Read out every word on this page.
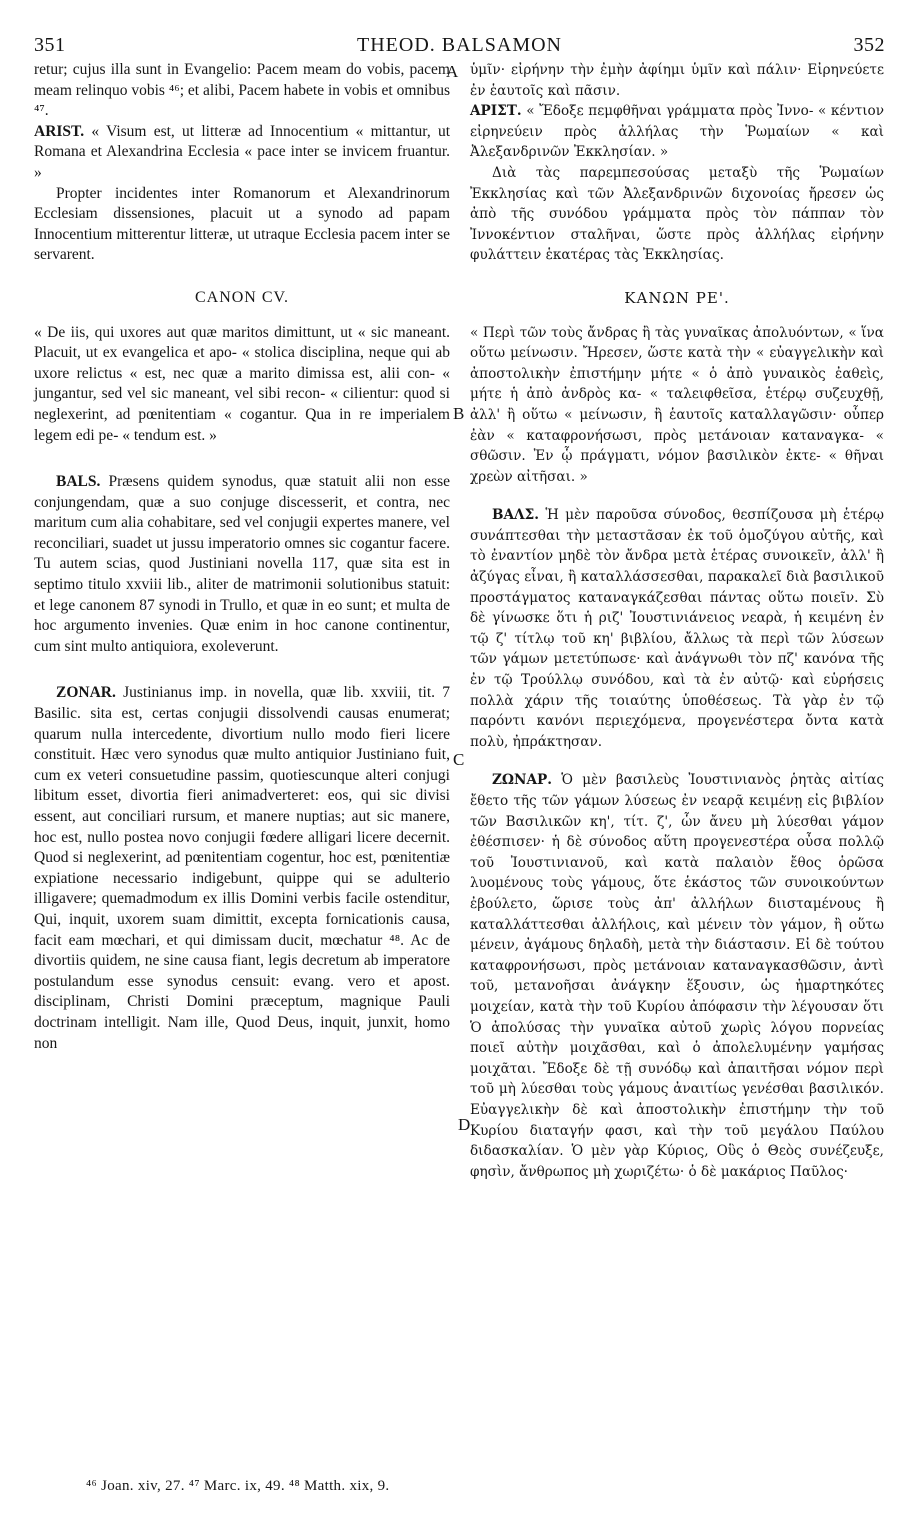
351	THEOD. BALSAMON	352
A
B
C
D

retur; cujus illa sunt in Evangelio: Pacem meam do vobis, pacem meam relinquo vobis ⁴⁶; et alibi, Pacem habete in vobis et omnibus ⁴⁷.

ARIST. « Visum est, ut litteræ ad Innocentium « mittantur, ut Romana et Alexandrina Ecclesia « pace inter se invicem fruantur. »

Propter incidentes inter Romanorum et Alexandrinorum Ecclesiam dissensiones, placuit ut a synodo ad papam Innocentium mitterentur litteræ, ut utraque Ecclesia pacem inter se servarent.

CANON CV.

« De iis, qui uxores aut quæ maritos dimittunt, ut « sic maneant. Placuit, ut ex evangelica et apo- « stolica disciplina, neque qui ab uxore relictus « est, nec quæ a marito dimissa est, alii con- « jungantur, sed vel sic maneant, vel sibi recon- « cilientur: quod si neglexerint, ad pœnitentiam « cogantur. Qua in re imperialem legem edi pe- « tendum est. »

BALS. Præsens quidem synodus, quæ statuit alii non esse conjungendam, quæ a suo conjuge discesserit, et contra, nec maritum cum alia cohabitare, sed vel conjugii expertes manere, vel reconciliari, suadet ut jussu imperatorio omnes sic cogantur facere. Tu autem scias, quod Justiniani novella 117, quæ sita est in septimo titulo xxviii lib., aliter de matrimonii solutionibus statuit: et lege canonem 87 synodi in Trullo, et quæ in eo sunt; et multa de hoc argumento invenies. Quæ enim in hoc canone continentur, cum sint multo antiquiora, exoleverunt.

ZONAR. Justinianus imp. in novella, quæ lib. xxviii, tit. 7 Basilic. sita est, certas conjugii dissolvendi causas enumerat; quarum nulla intercedente, divortium nullo modo fieri licere constituit. Hæc vero synodus quæ multo antiquior Justiniano fuit, cum ex veteri consuetudine passim, quotiescunque alteri conjugi libitum esset, divortia fieri animadverteret: eos, qui sic divisi essent, aut conciliari rursum, et manere nuptias; aut sic manere, hoc est, nullo postea novo conjugii fœdere alligari licere decernit. Quod si neglexerint, ad pœnitentiam cogentur, hoc est, pœnitentiæ expiatione necessario indigebunt, quippe qui se adulterio illigavere; quemadmodum ex illis Domini verbis facile ostenditur, Qui, inquit, uxorem suam dimittit, excepta fornicationis causa, facit eam mœchari, et qui dimissam ducit, mœchatur ⁴⁸. Ac de divortiis quidem, ne sine causa fiant, legis decretum ab imperatore postulandum esse synodus censuit: evang. vero et apost. disciplinam, Christi Domini præceptum, magnique Pauli doctrinam intelligit. Nam ille, Quod Deus, inquit, junxit, homo non

ὑμῖν· εἰρήνην τὴν ἐμὴν ἀφίημι ὑμῖν καὶ πάλιν· Εἰρηνεύετε ἐν ἑαυτοῖς καὶ πᾶσιν.

ΑΡΙΣΤ. « Ἔδοξε πεμφθῆναι γράμματα πρὸς Ἰννο- « κέντιον εἰρηνεύειν πρὸς ἀλλήλας τὴν Ῥωμαίων « καὶ Ἀλεξανδρινῶν Ἐκκλησίαν. »

Διὰ τὰς παρεμπεσούσας μεταξὺ τῆς Ῥωμαίων Ἐκκλησίας καὶ τῶν Ἀλεξανδρινῶν διχονοίας ἤρεσεν ὡς ἀπὸ τῆς συνόδου γράμματα πρὸς τὸν πάππαν τὸν Ἰννοκέντιον σταλῆναι, ὥστε πρὸς ἀλλήλας εἰρήνην φυλάττειν ἑκατέρας τὰς Ἐκκλησίας.

ΚΑΝΩΝ ΡΕ'.

« Περὶ τῶν τοὺς ἄνδρας ἢ τὰς γυναῖκας ἀπολυόντων, « ἵνα οὕτω μείνωσιν. Ἤρεσεν, ὥστε κατὰ τὴν « εὐαγγελικὴν καὶ ἀποστολικὴν ἐπιστήμην μήτε « ὁ ἀπὸ γυναικὸς ἐαθεὶς, μήτε ἡ ἀπὸ ἀνδρὸς κα- « ταλειφθεῖσα, ἑτέρῳ συζευχθῇ, ἀλλ' ἢ οὕτω « μείνωσιν, ἢ ἑαυτοῖς καταλλαγῶσιν· οὗπερ ἐὰν « καταφρονήσωσι, πρὸς μετάνοιαν καταναγκα- « σθῶσιν. Ἐν ᾧ πράγματι, νόμον βασιλικὸν ἐκτε- « θῆναι χρεὼν αἰτῆσαι. »

ΒΑΛΣ. Ἡ μὲν παροῦσα σύνοδος, θεσπίζουσα μὴ ἑτέρῳ συνάπτεσθαι τὴν μεταστᾶσαν ἐκ τοῦ ὁμοζύγου αὐτῆς, καὶ τὸ ἐναντίον μηδὲ τὸν ἄνδρα μετὰ ἑτέρας συνοικεῖν, ἀλλ' ἢ ἀζύγας εἶναι, ἢ καταλλάσσεσθαι, παρακαλεῖ διὰ βασιλικοῦ προστάγματος καταναγκάζεσθαι πάντας οὕτω ποιεῖν. Σὺ δὲ γίνωσκε ὅτι ἡ ριζ' Ἰουστινιάνειος νεαρὰ, ἡ κειμένη ἐν τῷ ζ' τίτλῳ τοῦ κη' βιβλίου, ἄλλως τὰ περὶ τῶν λύσεων τῶν γάμων μετετύπωσε· καὶ ἀνάγνωθι τὸν πζ' κανόνα τῆς ἐν τῷ Τρούλλῳ συνόδου, καὶ τὰ ἐν αὐτῷ· καὶ εὑρήσεις πολλὰ χάριν τῆς τοιαύτης ὑποθέσεως. Τὰ γὰρ ἐν τῷ παρόντι κανόνι περιεχόμενα, προγενέστερα ὄντα κατὰ πολὺ, ἠπράκτησαν.

ΖΩΝΑΡ. Ὁ μὲν βασιλεὺς Ἰουστινιανὸς ῥητὰς αἰτίας ἔθετο τῆς τῶν γάμων λύσεως ἐν νεαρᾷ κειμένῃ εἰς βιβλίον τῶν Βασιλικῶν κη', τίτ. ζ', ὧν ἄνευ μὴ λύεσθαι γάμον ἐθέσπισεν· ἡ δὲ σύνοδος αὕτη προγενεστέρα οὖσα πολλῷ τοῦ Ἰουστινιανοῦ, καὶ κατὰ παλαιὸν ἔθος ὁρῶσα λυομένους τοὺς γάμους, ὅτε ἑκάστος τῶν συνοικούντων ἐβούλετο, ὥρισε τοὺς ἀπ' ἀλλήλων διισταμένους ἢ καταλλάττεσθαι ἀλλήλοις, καὶ μένειν τὸν γάμον, ἢ οὕτω μένειν, ἀγάμους δηλαδὴ, μετὰ τὴν διάστασιν. Εἰ δὲ τούτου καταφρονήσωσι, πρὸς μετάνοιαν καταναγκασθῶσιν, ἀντὶ τοῦ, μετανοῆσαι ἀνάγκην ἕξουσιν, ὡς ἡμαρτηκότες μοιχείαν, κατὰ τὴν τοῦ Κυρίου ἀπόφασιν τὴν λέγουσαν ὅτι Ὁ ἀπολύσας τὴν γυναῖκα αὐτοῦ χωρὶς λόγου πορνείας ποιεῖ αὐτὴν μοιχᾶσθαι, καὶ ὁ ἀπολελυμένην γαμήσας μοιχᾶται. Ἔδοξε δὲ τῇ συνόδῳ καὶ ἀπαιτῆσαι νόμον περὶ τοῦ μὴ λύεσθαι τοὺς γάμους ἀναιτίως γενέσθαι βασιλικόν. Εὐαγγελικὴν δὲ καὶ ἀποστολικὴν ἐπιστήμην τὴν τοῦ Κυρίου διαταγήν φασι, καὶ τὴν τοῦ μεγάλου Παύλου διδασκαλίαν. Ὁ μὲν γὰρ Κύριος, Οὓς ὁ Θεὸς συνέζευξε, φησὶν, ἄνθρωπος μὴ χωριζέτω· ὁ δὲ μακάριος Παῦλος·

⁴⁶ Joan. xiv, 27. ⁴⁷ Marc. ix, 49. ⁴⁸ Matth. xix, 9.
